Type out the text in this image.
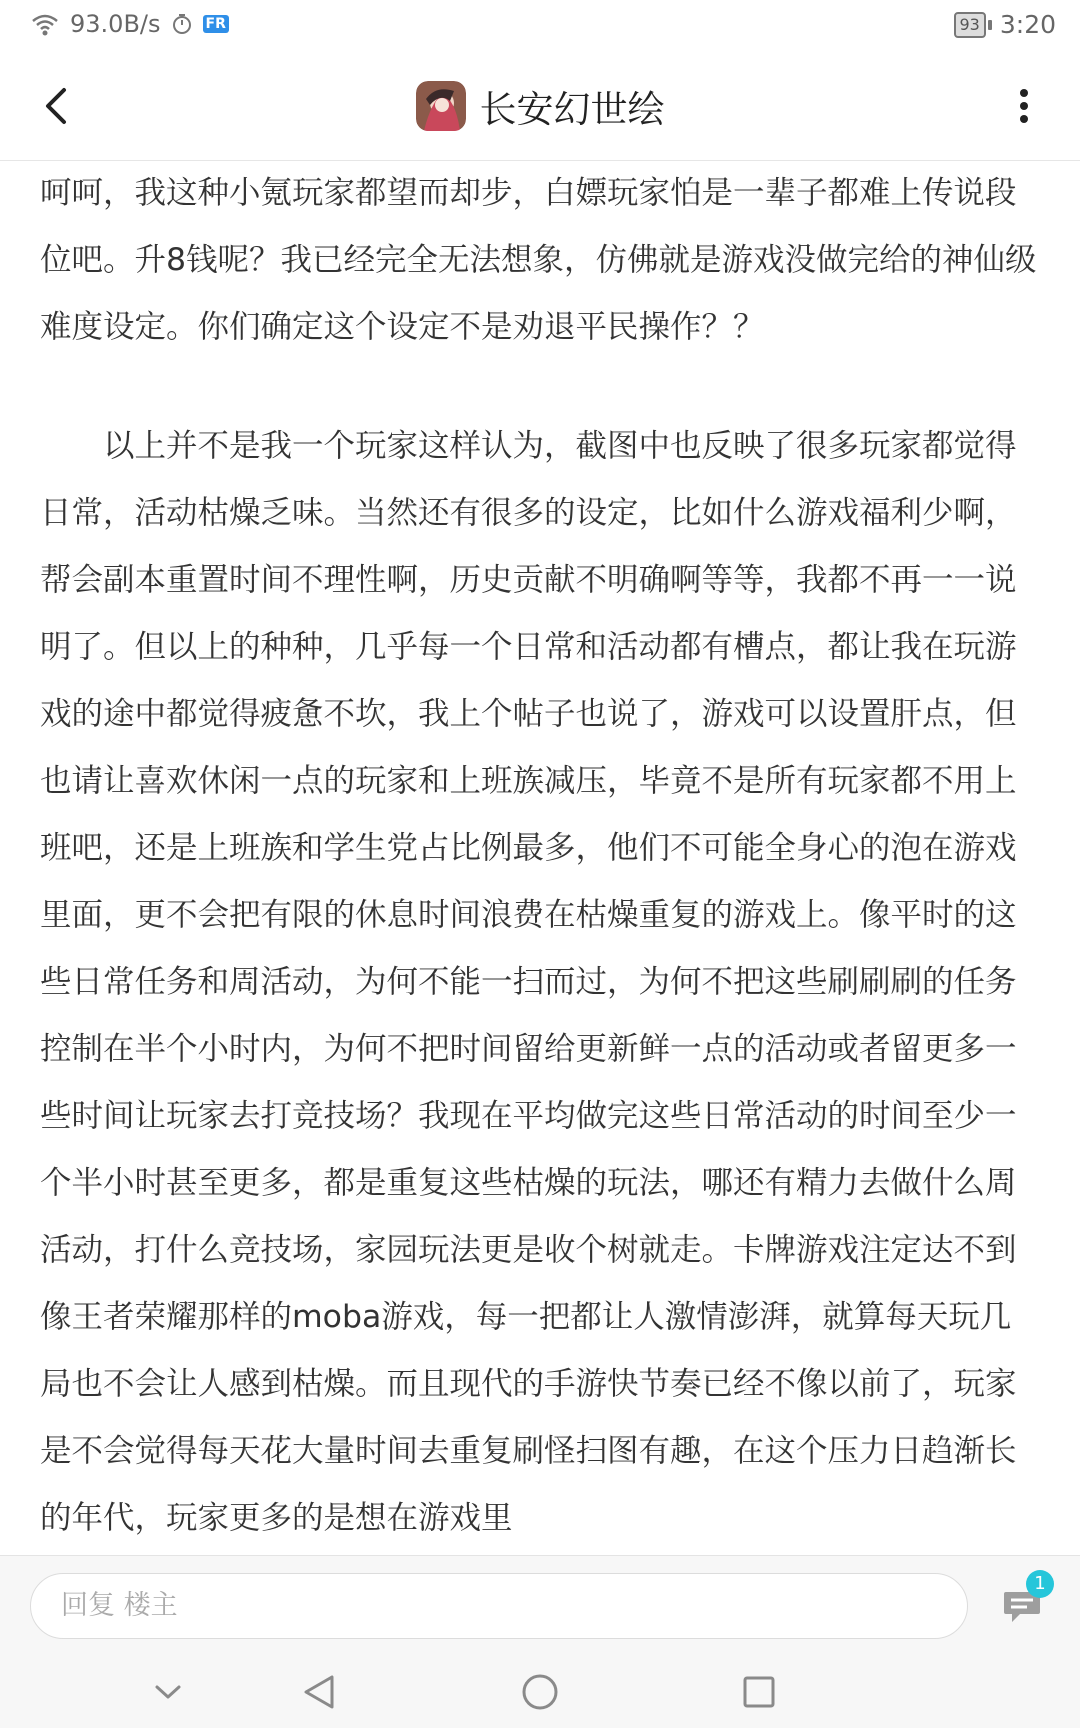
93.0B/s	FR	93 3:20
长安幻世绘

呵呵，我这种小氪玩家都望而却步，白嫖玩家怕是一辈子都难上传说段位吧。升8钱呢？我已经完全无法想象，仿佛就是游戏没做完给的神仙级难度设定。你们确定这个设定不是劝退平民操作？？

以上并不是我一个玩家这样认为，截图中也反映了很多玩家都觉得日常，活动枯燥乏味。当然还有很多的设定，比如什么游戏福利少啊，帮会副本重置时间不理性啊，历史贡献不明确啊等等，我都不再一一说明了。但以上的种种，几乎每一个日常和活动都有槽点，都让我在玩游戏的途中都觉得疲惫不坎，我上个帖子也说了，游戏可以设置肝点，但也请让喜欢休闲一点的玩家和上班族减压，毕竟不是所有玩家都不用上班吧，还是上班族和学生党占比例最多，他们不可能全身心的泡在游戏里面，更不会把有限的休息时间浪费在枯燥重复的游戏上。像平时的这些日常任务和周活动，为何不能一扫而过，为何不把这些刷刷刷的任务控制在半个小时内，为何不把时间留给更新鲜一点的活动或者留更多一些时间让玩家去打竞技场？我现在平均做完这些日常活动的时间至少一个半小时甚至更多，都是重复这些枯燥的玩法，哪还有精力去做什么周活动，打什么竞技场，家园玩法更是收个树就走。卡牌游戏注定达不到像王者荣耀那样的moba游戏，每一把都让人激情澎湃，就算每天玩几局也不会让人感到枯燥。而且现代的手游快节奏已经不像以前了，玩家是不会觉得每天花大量时间去重复刷怪扫图有趣，在这个压力日趋渐长的年代，玩家更多的是想在游戏里

回复 楼主
1
